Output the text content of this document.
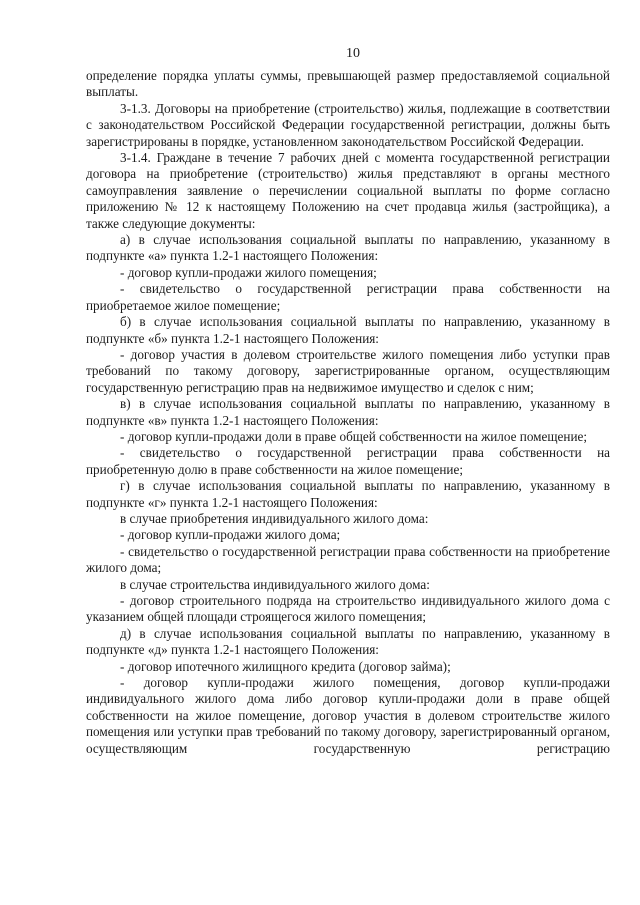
10

определение порядка уплаты суммы, превышающей размер предоставляемой социальной выплаты.

3-1.3. Договоры на приобретение (строительство) жилья, подлежащие в соответствии с законодательством Российской Федерации государственной регистрации, должны быть зарегистрированы в порядке, установленном законодательством Российской Федерации.

3-1.4. Граждане в течение 7 рабочих дней с момента государственной регистрации договора на приобретение (строительство) жилья представляют в органы местного самоуправления заявление о перечислении социальной выплаты по форме согласно приложению № 12 к настоящему Положению на счет продавца жилья (застройщика), а также следующие документы:

а) в случае использования социальной выплаты по направлению, указанному в подпункте «а» пункта 1.2-1 настоящего Положения:

- договор купли-продажи жилого помещения;

- свидетельство о государственной регистрации права собственности на приобретаемое жилое помещение;

б) в случае использования социальной выплаты по направлению, указанному в подпункте «б» пункта 1.2-1 настоящего Положения:

- договор участия в долевом строительстве жилого помещения либо уступки прав требований по такому договору, зарегистрированные органом, осуществляющим государственную регистрацию прав на недвижимое имущество и сделок с ним;

в) в случае использования социальной выплаты по направлению, указанному в подпункте «в» пункта 1.2-1 настоящего Положения:

- договор купли-продажи доли в праве общей собственности на жилое помещение;

- свидетельство о государственной регистрации права собственности на приобретенную долю в праве собственности на жилое помещение;

г) в случае использования социальной выплаты по направлению, указанному в подпункте «г» пункта 1.2-1 настоящего Положения:

в случае приобретения индивидуального жилого дома:

- договор купли-продажи жилого дома;

- свидетельство о государственной регистрации права собственности на приобретение жилого дома;

в случае строительства индивидуального жилого дома:

- договор строительного подряда на строительство индивидуального жилого дома с указанием общей площади строящегося жилого помещения;

д) в случае использования социальной выплаты по направлению, указанному в подпункте «д» пункта 1.2-1 настоящего Положения:

- договор ипотечного жилищного кредита (договор займа);

- договор купли-продажи жилого помещения, договор купли-продажи индивидуального жилого дома либо договор купли-продажи доли в праве общей собственности на жилое помещение, договор участия в долевом строительстве жилого помещения или уступки прав требований по такому договору, зарегистрированный органом, осуществляющим государственную регистрацию
